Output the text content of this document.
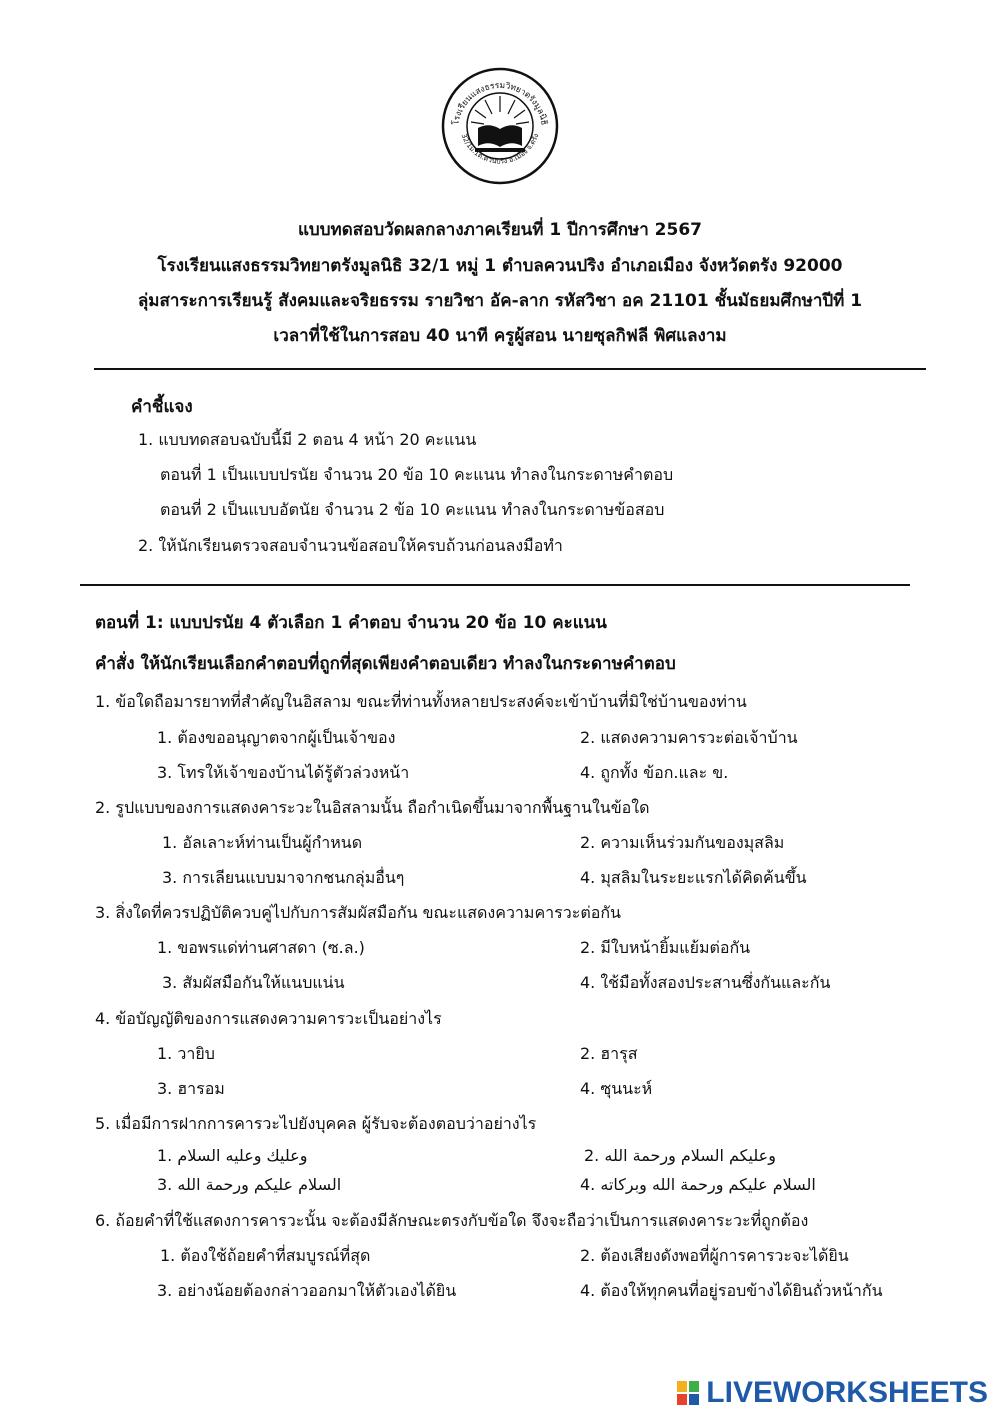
โรงเรียนแสงธรรมวิทยาตรังมูลนิธิ
32/1ม.1ต.ควนปริง อ.เมือง จ.ตรัง
แบบทดสอบวัดผลกลางภาคเรียนที่ 1 ปีการศึกษา 2567
โรงเรียนแสงธรรมวิทยาตรังมูลนิธิ 32/1 หมู่ 1 ตำบลควนปริง อำเภอเมือง จังหวัดตรัง 92000
ลุ่มสาระการเรียนรู้ สังคมและจริยธรรม รายวิชา อัค-ลาก รหัสวิชา อค 21101 ชั้นมัธยมศึกษาปีที่ 1
เวลาที่ใช้ในการสอบ 40 นาที ครูผู้สอน นายซุลกิฟลี พิศแลงาม
คำชี้แจง
1. แบบทดสอบฉบับนี้มี 2 ตอน 4 หน้า 20 คะแนน
ตอนที่ 1 เป็นแบบปรนัย จำนวน 20 ข้อ 10 คะแนน ทำลงในกระดาษคำตอบ
ตอนที่ 2 เป็นแบบอัตนัย จำนวน 2 ข้อ 10 คะแนน ทำลงในกระดาษข้อสอบ
2. ให้นักเรียนตรวจสอบจำนวนข้อสอบให้ครบถ้วนก่อนลงมือทำ
ตอนที่ 1: แบบปรนัย 4 ตัวเลือก 1 คำตอบ จำนวน 20 ข้อ 10 คะแนน
คำสั่ง ให้นักเรียนเลือกคำตอบที่ถูกที่สุดเพียงคำตอบเดียว ทำลงในกระดาษคำตอบ
1. ข้อใดถือมารยาทที่สำคัญในอิสลาม ขณะที่ท่านทั้งหลายประสงค์จะเข้าบ้านที่มิใช่บ้านของท่าน
1. ต้องขออนุญาตจากผู้เป็นเจ้าของ	2. แสดงความคารวะต่อเจ้าบ้าน
3. โทรให้เจ้าของบ้านได้รู้ตัวล่วงหน้า	4. ถูกทั้ง ข้อก.และ ข.
2. รูปแบบของการแสดงคาระวะในอิสลามนั้น ถือกำเนิดขึ้นมาจากพื้นฐานในข้อใด
1. อัลเลาะห์ท่านเป็นผู้กำหนด	2. ความเห็นร่วมกันของมุสลิม
3. การเลียนแบบมาจากชนกลุ่มอื่นๆ	4. มุสลิมในระยะแรกได้คิดค้นขึ้น
3. สิ่งใดที่ควรปฏิบัติควบคู่ไปกับการสัมผัสมือกัน ขณะแสดงความคารวะต่อกัน
1. ขอพรแด่ท่านศาสดา (ซ.ล.)	2. มีใบหน้ายิ้มแย้มต่อกัน
3. สัมผัสมือกันให้แนบแน่น	4. ใช้มือทั้งสองประสานซึ่งกันและกัน
4. ข้อบัญญัติของการแสดงความคารวะเป็นอย่างไร
1. วายิบ	2. ฮารุส
3. ฮารอม	4. ซุนนะห์
5. เมื่อมีการฝากการคารวะไปยังบุคคล ผู้รับจะต้องตอบว่าอย่างไร
1. وعليك وعليه السلام	2. وعليكم السلام ورحمة الله
3. السلام عليكم ورحمة الله	4. السلام عليكم ورحمة الله وبركاته
6. ถ้อยคำที่ใช้แสดงการคารวะนั้น จะต้องมีลักษณะตรงกับข้อใด จึงจะถือว่าเป็นการแสดงคาระวะที่ถูกต้อง
1. ต้องใช้ถ้อยคำที่สมบูรณ์ที่สุด	2. ต้องเสียงดังพอที่ผู้การคารวะจะได้ยิน
3. อย่างน้อยต้องกล่าวออกมาให้ตัวเองได้ยิน	4. ต้องให้ทุกคนที่อยู่รอบข้างได้ยินถั่วหน้ากัน
LIVEWORKSHEETS
